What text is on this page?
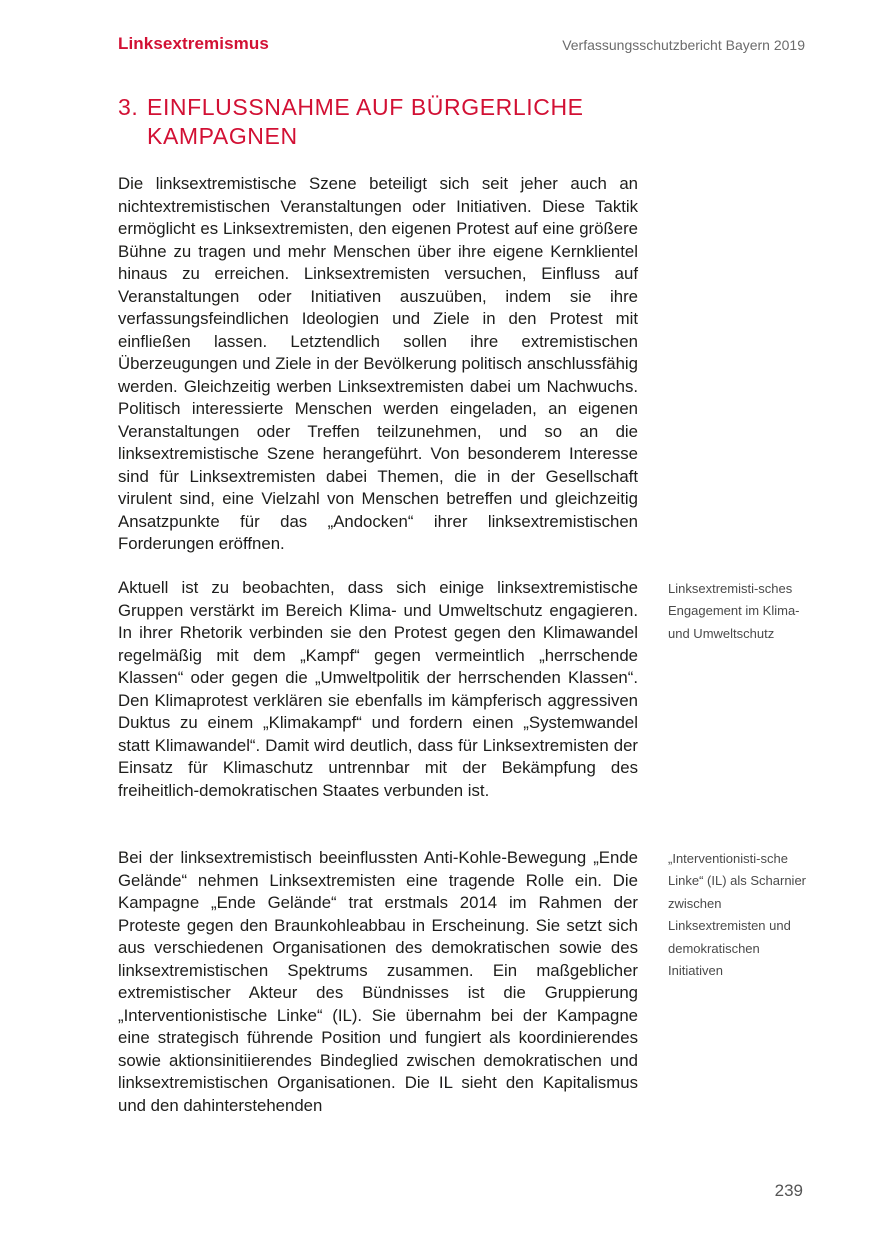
Linksextremismus	Verfassungsschutzbericht Bayern 2019
3. EINFLUSSNAHME AUF BÜRGERLICHE KAMPAGNEN

Die linksextremistische Szene beteiligt sich seit jeher auch an nichtextremistischen Veranstaltungen oder Initiativen. Diese Taktik ermöglicht es Linksextremisten, den eigenen Protest auf eine größere Bühne zu tragen und mehr Menschen über ihre eigene Kernklientel hinaus zu erreichen. Linksextremisten versuchen, Einfluss auf Veranstaltungen oder Initiativen auszuüben, indem sie ihre verfassungsfeindlichen Ideologien und Ziele in den Protest mit einfließen lassen. Letztendlich sollen ihre extremistischen Überzeugungen und Ziele in der Bevölkerung politisch anschlussfähig werden. Gleichzeitig werben Linksextremisten dabei um Nachwuchs. Politisch interessierte Menschen werden eingeladen, an eigenen Veranstaltungen oder Treffen teilzunehmen, und so an die linksextremistische Szene herangeführt. Von besonderem Interesse sind für Linksextremisten dabei Themen, die in der Gesellschaft virulent sind, eine Vielzahl von Menschen betreffen und gleichzeitig Ansatzpunkte für das „Andocken“ ihrer linksextremistischen Forderungen eröffnen.

Aktuell ist zu beobachten, dass sich einige linksextremistische Gruppen verstärkt im Bereich Klima- und Umweltschutz engagieren. In ihrer Rhetorik verbinden sie den Protest gegen den Klimawandel regelmäßig mit dem „Kampf“ gegen vermeintlich „herrschende Klassen“ oder gegen die „Umweltpolitik der herrschenden Klassen“. Den Klimaprotest verklären sie ebenfalls im kämpferisch aggressiven Duktus zu einem „Klimakampf“ und fordern einen „Systemwandel statt Klimawandel“. Damit wird deutlich, dass für Linksextremisten der Einsatz für Klimaschutz untrennbar mit der Bekämpfung des freiheitlich-demokratischen Staates verbunden ist.

Bei der linksextremistisch beeinflussten Anti-Kohle-Bewegung „Ende Gelände“ nehmen Linksextremisten eine tragende Rolle ein. Die Kampagne „Ende Gelände“ trat erstmals 2014 im Rahmen der Proteste gegen den Braunkohleabbau in Erscheinung. Sie setzt sich aus verschiedenen Organisationen des demokratischen sowie des linksextremistischen Spektrums zusammen. Ein maßgeblicher extremistischer Akteur des Bündnisses ist die Gruppierung „Interventionistische Linke“ (IL). Sie übernahm bei der Kampagne eine strategisch führende Position und fungiert als koordinierendes sowie aktionsinitiierendes Bindeglied zwischen demokratischen und linksextremistischen Organisationen. Die IL sieht den Kapitalismus und den dahinterstehenden

Linksextremisti-sches Engagement im Klima- und Umweltschutz

„Interventionisti-sche Linke“ (IL) als Scharnier zwischen Linksextremisten und demokratischen Initiativen

239
